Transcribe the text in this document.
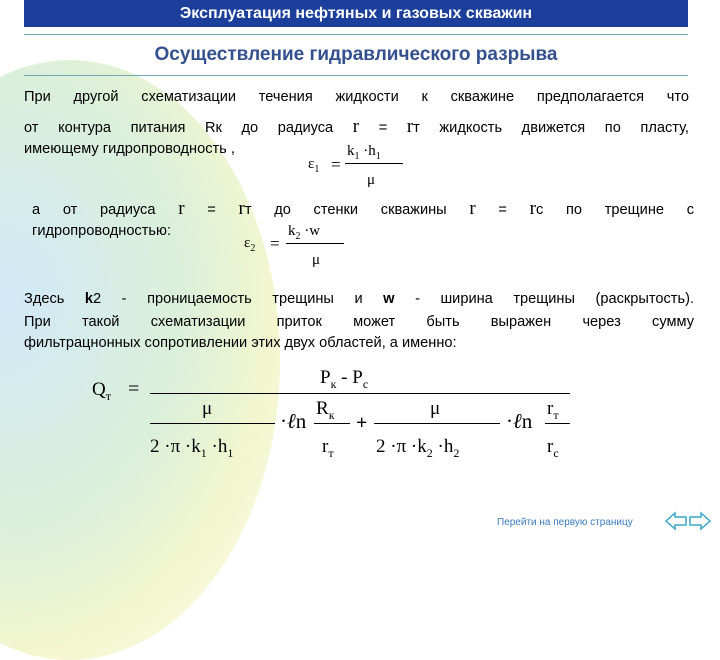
Эксплуатация нефтяных и газовых скважин
Осуществление гидравлического разрыва
При другой схематизации течения жидкости к скважине предполагается что
от контура питания Rк до радиуса r = rт жидкость движется по пласту,
имеющему гидропроводность ,
$\varepsilon_1$ =
$k_1 \cdot h_1$
μ
а от радиуса r = rт до стенки скважины r = rс по трещине с
гидропроводностью:
$\varepsilon_2$ =
$k_2 \cdot w$
μ
Здесь k2 - проницаемость трещины и w - ширина трещины (раскрытость).
При такой схематизации приток может быть выражен через сумму
фильтрацнонных сопротивлении этих двух областей, а именно:
$Q_т$ =
$P_к - P_с$
μ
$2 \cdot\pi \cdot k_1 \cdot h_1$
·ℓn
$R_к$
$r_т$
+
μ
$2 \cdot\pi \cdot k_2 \cdot h_2$
·ℓn
$r_т$
$r_с$
Перейти на первую страницу
